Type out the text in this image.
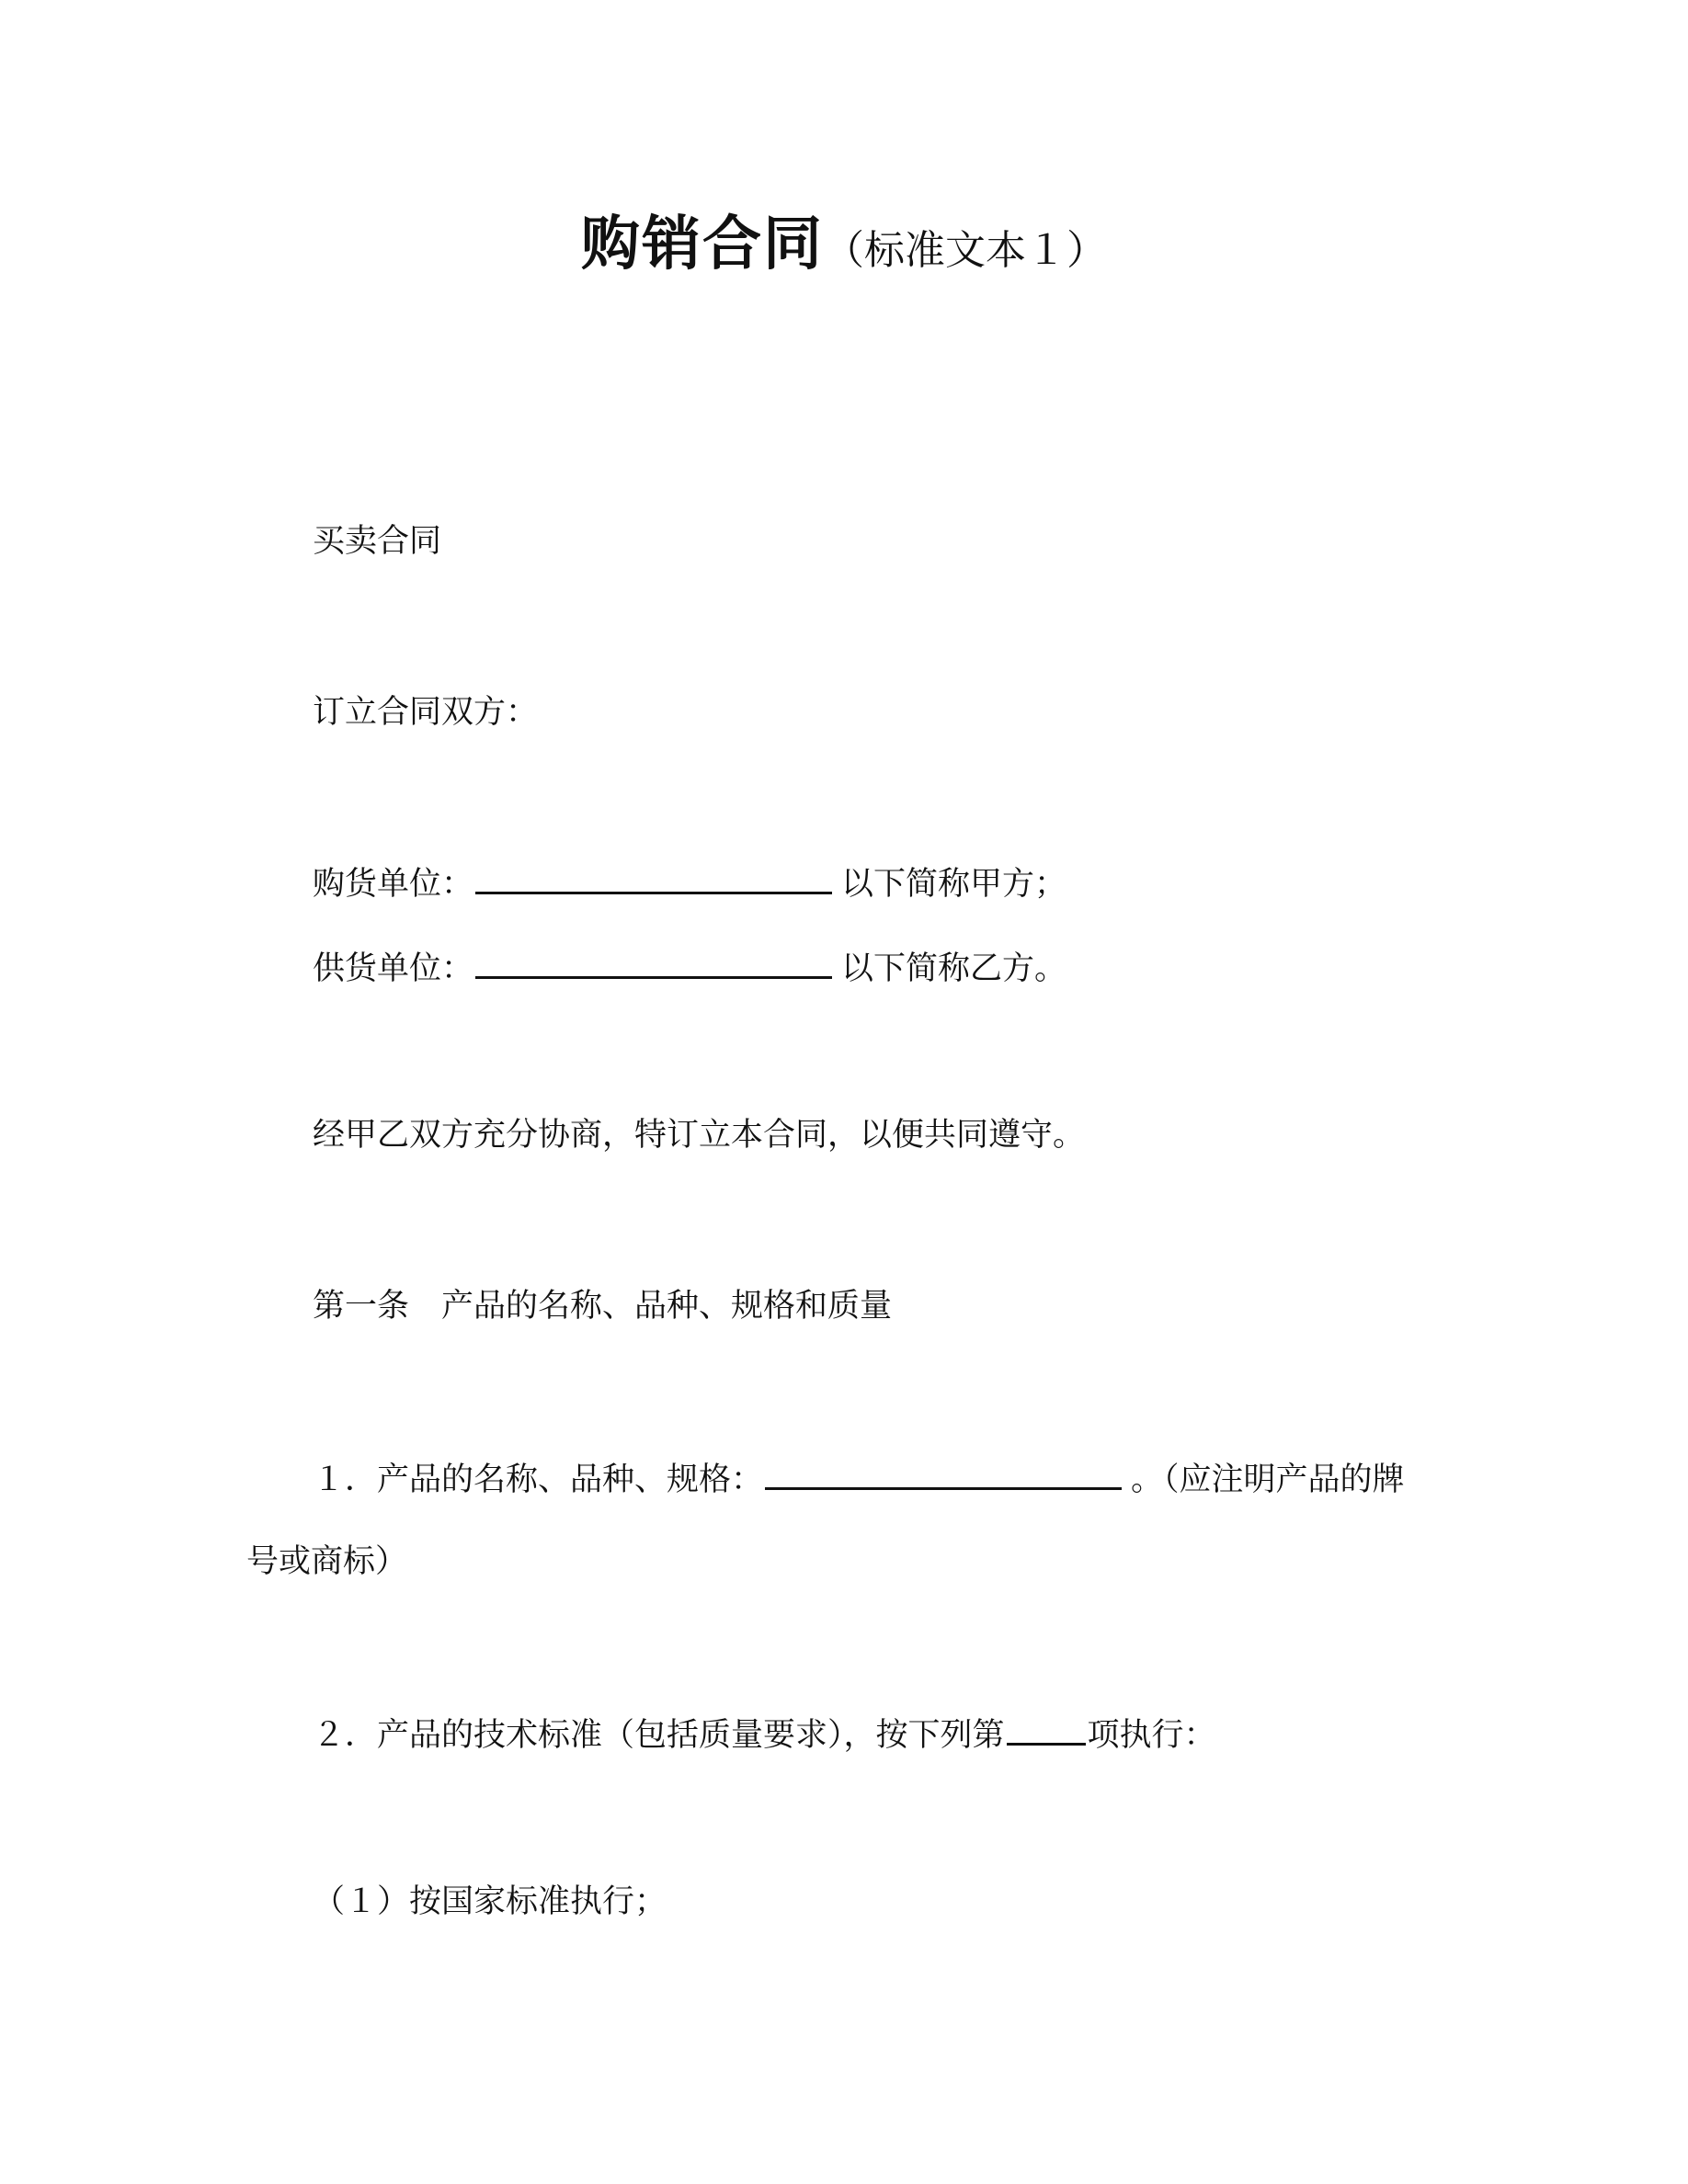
购销合同（标准文本１）
买卖合同
订立合同双方：
购货单位：	以下简称甲方；
供货单位：	以下简称乙方。
经甲乙双方充分协商，特订立本合同，以便共同遵守。
第一条　产品的名称、品种、规格和质量
１．产品的名称、品种、规格：	。（应注明产品的牌
号或商标）
２．产品的技术标准（包括质量要求），按下列第	项执行：
（１）按国家标准执行；
